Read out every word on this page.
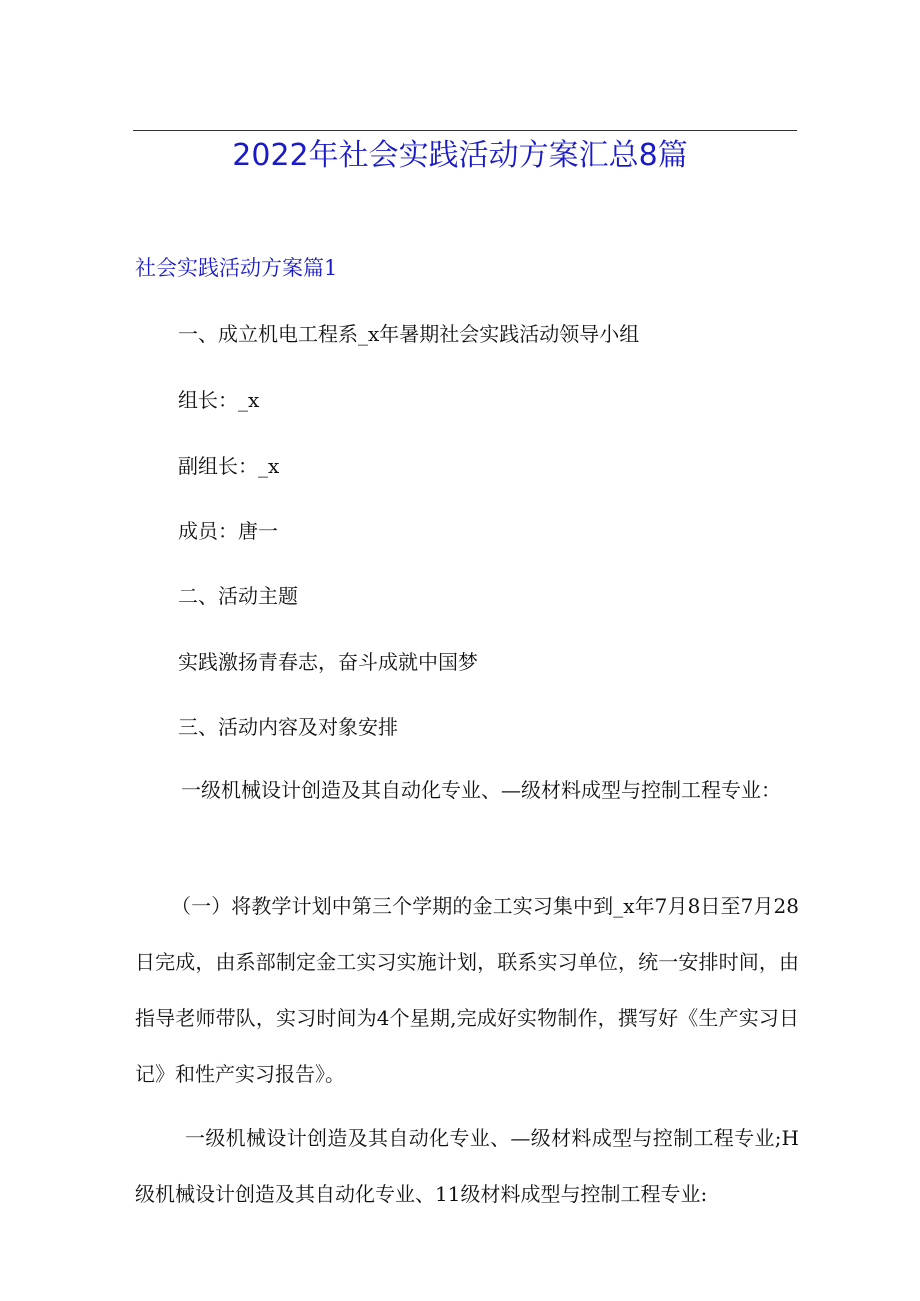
2022年社会实践活动方案汇总8篇
社会实践活动方案篇1
一、成立机电工程系_x年暑期社会实践活动领导小组
组长：_x
副组长：_x
成员：唐一
二、活动主题
实践激扬青春志，奋斗成就中国梦
三、活动内容及对象安排
一级机械设计创造及其自动化专业、—级材料成型与控制工程专业：
（一）将教学计划中第三个学期的金工实习集中到_x年7月8日至7月28日完成，由系部制定金工实习实施计划，联系实习单位，统一安排时间，由指导老师带队，实习时间为4个星期,完成好实物制作，撰写好《生产实习日记》和性产实习报告》。
一级机械设计创造及其自动化专业、—级材料成型与控制工程专业;H级机械设计创造及其自动化专业、11级材料成型与控制工程专业:
